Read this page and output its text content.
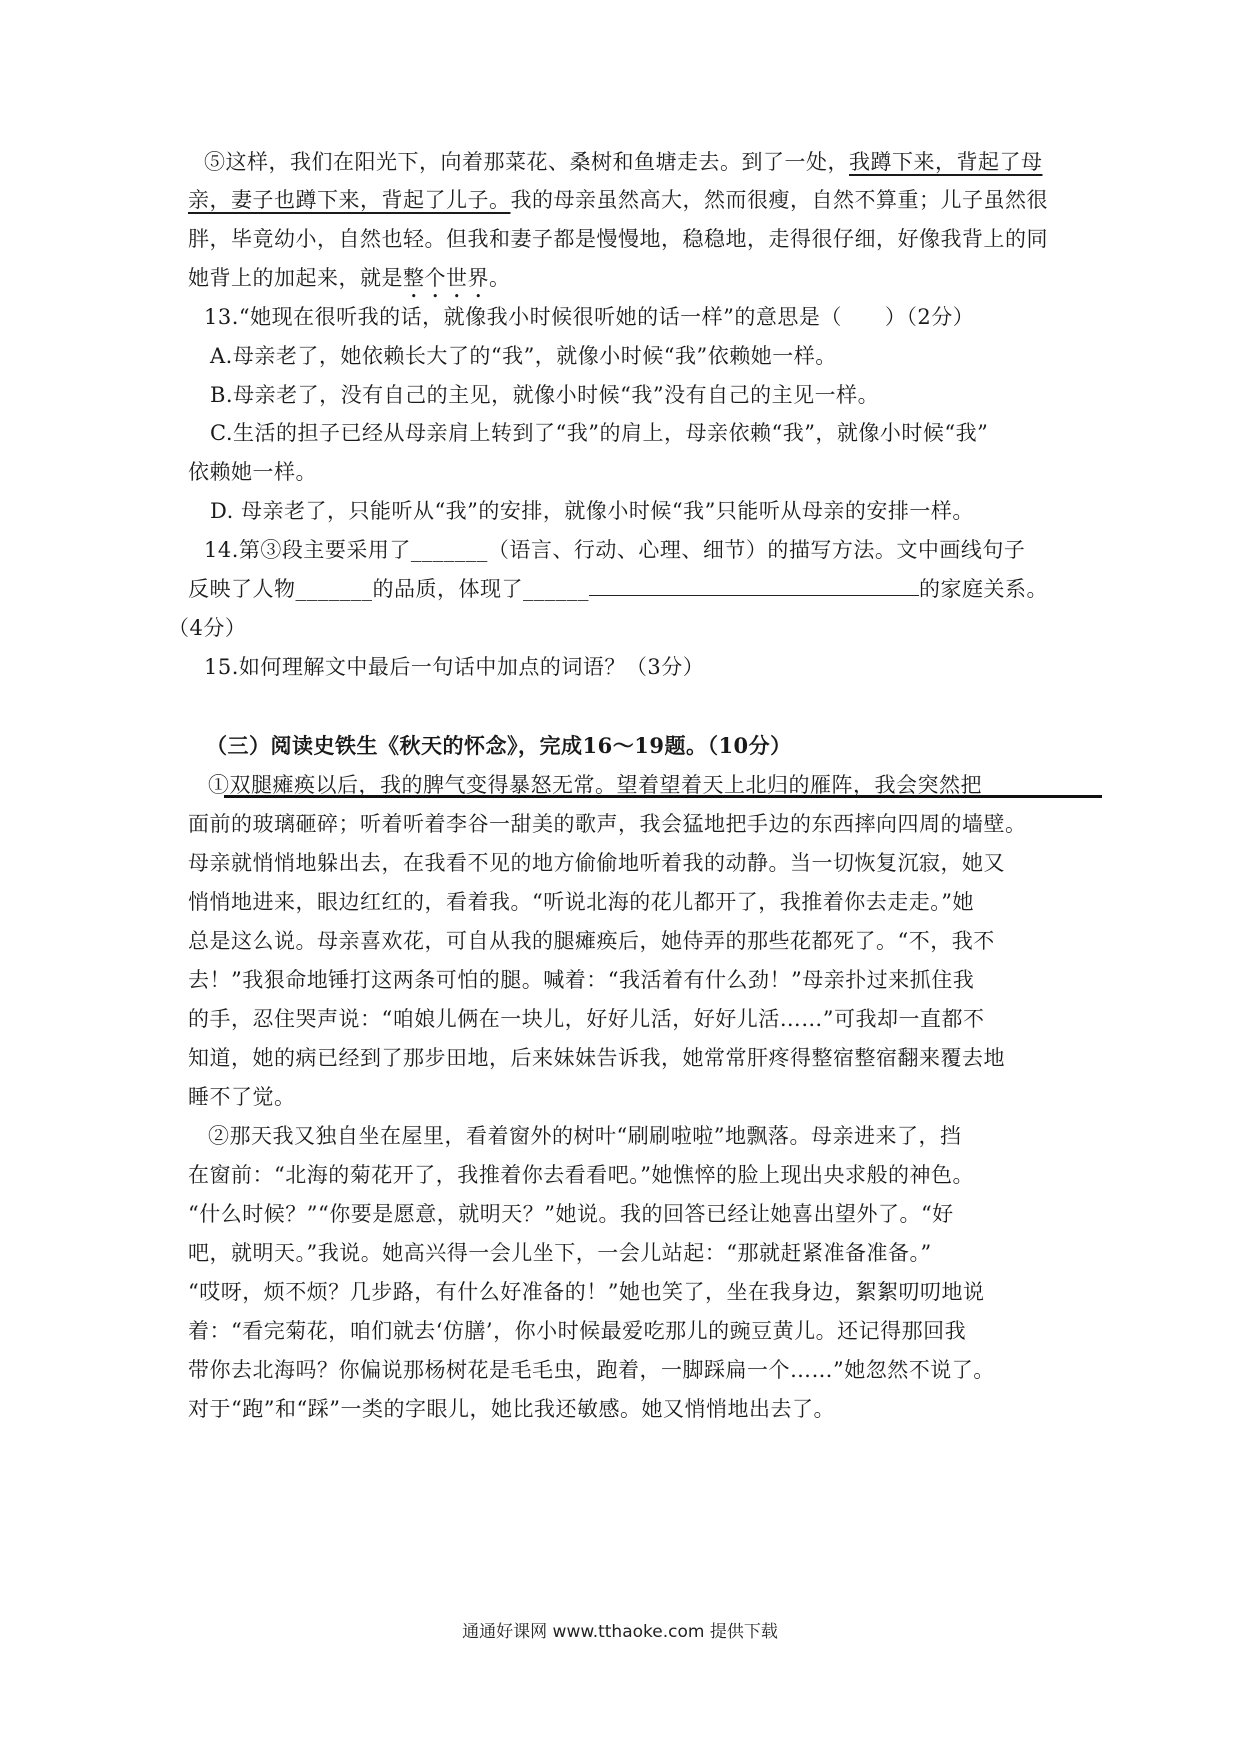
⑤这样，我们在阳光下，向着那菜花、桑树和鱼塘走去。到了一处，我蹲下来，背起了母
亲，妻子也蹲下来，背起了儿子。我的母亲虽然高大，然而很瘦，自然不算重；儿子虽然很
胖，毕竟幼小，自然也轻。但我和妻子都是慢慢地，稳稳地，走得很仔细，好像我背上的同
她背上的加起来，就是整个世界。
13.“她现在很听我的话，就像我小时候很听她的话一样”的意思是（　　）（2分）
A.母亲老了，她依赖长大了的“我”，就像小时候“我”依赖她一样。
B.母亲老了，没有自己的主见，就像小时候“我”没有自己的主见一样。
C.生活的担子已经从母亲肩上转到了“我”的肩上，母亲依赖“我”，就像小时候“我”
依赖她一样。
D. 母亲老了，只能听从“我”的安排，就像小时候“我”只能听从母亲的安排一样。
14.第③段主要采用了_______（语言、行动、心理、细节）的描写方法。文中画线句子
反映了人物_______的品质，体现了______	的家庭关系。
（4分）
15.如何理解文中最后一句话中加点的词语？（3分）
（三）阅读史铁生《秋天的怀念》，完成16～19题。（10分）
①双腿瘫痪以后，我的脾气变得暴怒无常。望着望着天上北归的雁阵，我会突然把
面前的玻璃砸碎；听着听着李谷一甜美的歌声，我会猛地把手边的东西摔向四周的墙壁。
母亲就悄悄地躲出去，在我看不见的地方偷偷地听着我的动静。当一切恢复沉寂，她又
悄悄地进来，眼边红红的，看着我。“听说北海的花儿都开了，我推着你去走走。”她
总是这么说。母亲喜欢花，可自从我的腿瘫痪后，她侍弄的那些花都死了。“不，我不
去！”我狠命地锤打这两条可怕的腿。喊着：“我活着有什么劲！”母亲扑过来抓住我
的手，忍住哭声说：“咱娘儿俩在一块儿，好好儿活，好好儿活……”可我却一直都不
知道，她的病已经到了那步田地，后来妹妹告诉我，她常常肝疼得整宿整宿翻来覆去地
睡不了觉。
②那天我又独自坐在屋里，看着窗外的树叶“刷刷啦啦”地飘落。母亲进来了，挡
在窗前：“北海的菊花开了，我推着你去看看吧。”她憔悴的脸上现出央求般的神色。
“什么时候？”“你要是愿意，就明天？”她说。我的回答已经让她喜出望外了。“好
吧，就明天。”我说。她高兴得一会儿坐下，一会儿站起：“那就赶紧准备准备。”
“哎呀，烦不烦？几步路，有什么好准备的！”她也笑了，坐在我身边，絮絮叨叨地说
着：“看完菊花，咱们就去‘仿膳’，你小时候最爱吃那儿的豌豆黄儿。还记得那回我
带你去北海吗？你偏说那杨树花是毛毛虫，跑着，一脚踩扁一个……”她忽然不说了。
对于“跑”和“踩”一类的字眼儿，她比我还敏感。她又悄悄地出去了。
通通好课网 www.tthaoke.com 提供下载
